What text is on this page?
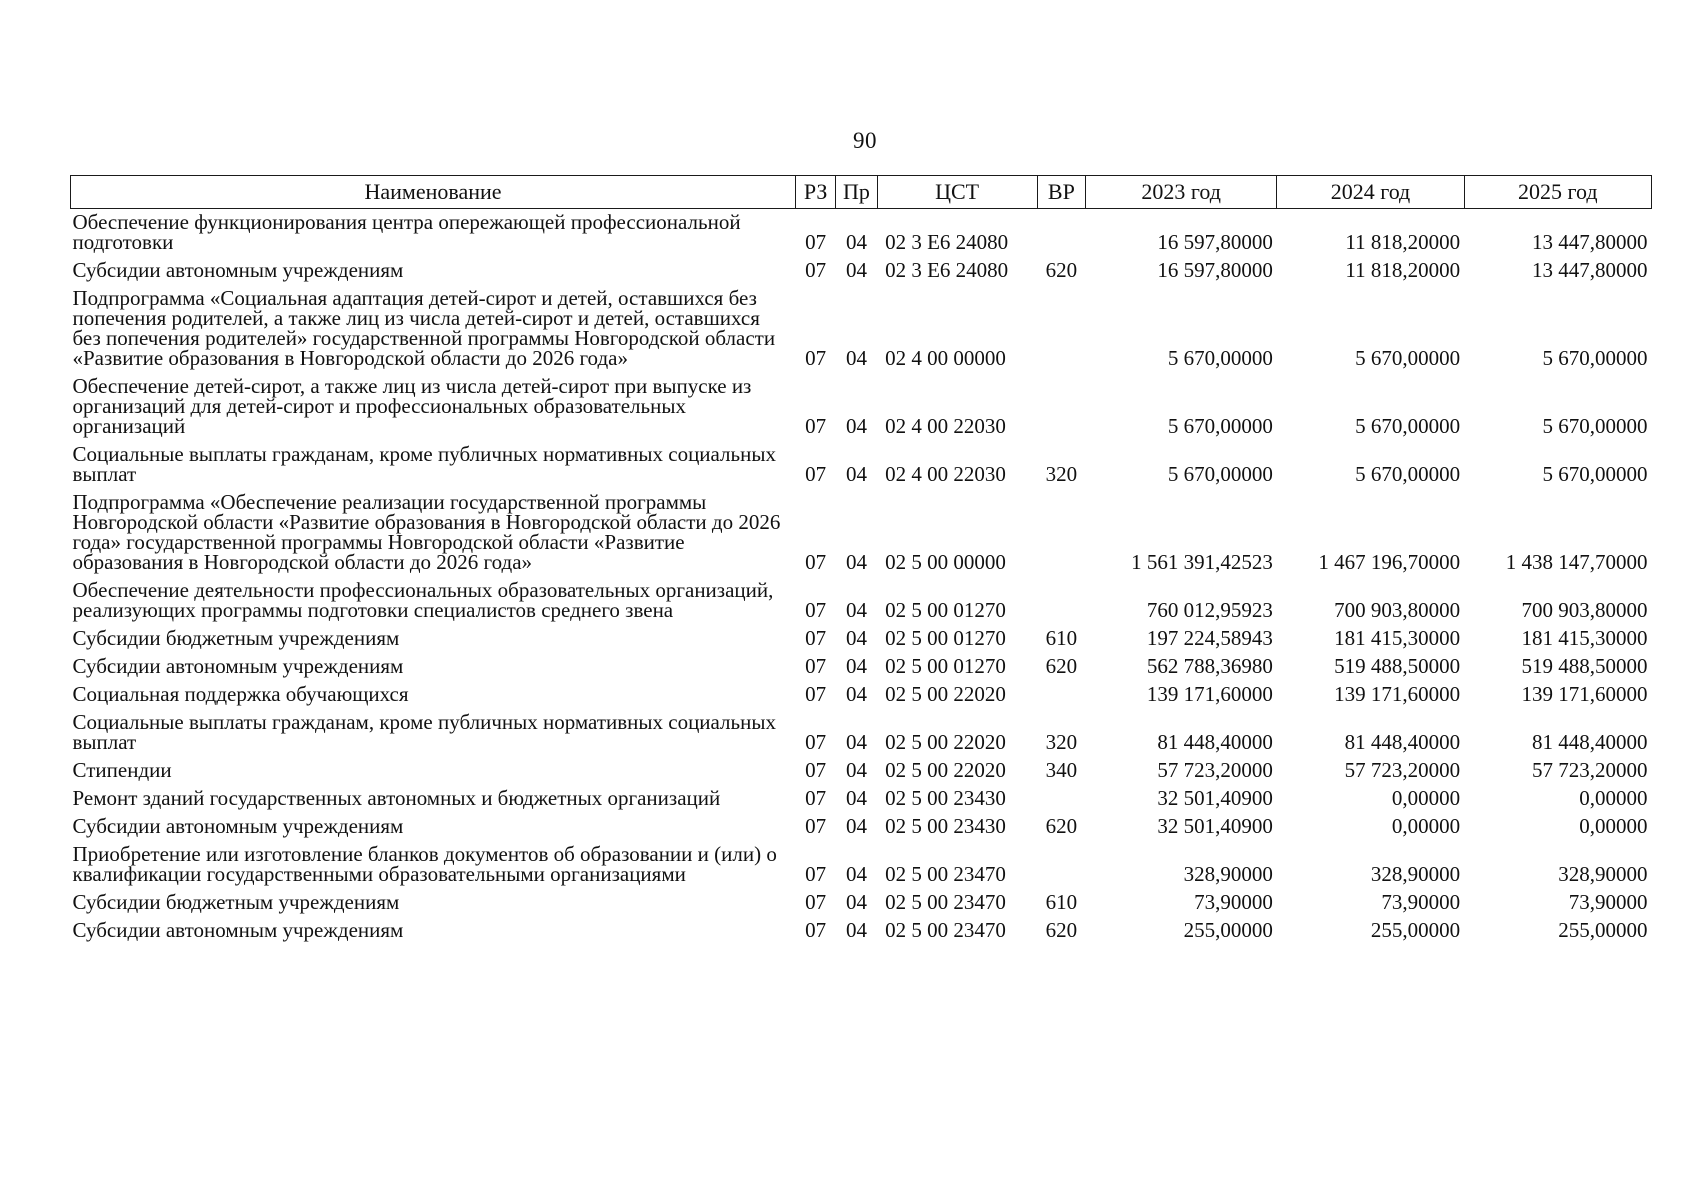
90
Наименование	РЗ	Пр	ЦСТ	ВР	2023 год	2024 год	2025 год
Обеспечение функционирования центра опережающей профессиональной подготовки	07	04	02 3 Е6 24080		16 597,80000	11 818,20000	13 447,80000
Субсидии автономным учреждениям	07	04	02 3 Е6 24080	620	16 597,80000	11 818,20000	13 447,80000
Подпрограмма «Социальная адаптация детей-сирот и детей, оставшихся без попечения родителей, а также лиц из числа детей-сирот и детей, оставшихся без попечения родителей» государственной программы Новгородской области «Развитие образования в Новгородской области до 2026 года»	07	04	02 4 00 00000		5 670,00000	5 670,00000	5 670,00000
Обеспечение детей-сирот, а также лиц из числа детей-сирот при выпуске из организаций для детей-сирот и профессиональных образовательных организаций	07	04	02 4 00 22030		5 670,00000	5 670,00000	5 670,00000
Социальные выплаты гражданам, кроме публичных нормативных социальных выплат	07	04	02 4 00 22030	320	5 670,00000	5 670,00000	5 670,00000
Подпрограмма «Обеспечение реализации государственной программы Новгородской области «Развитие образования в Новгородской области до 2026 года» государственной программы Новгородской области «Развитие образования в Новгородской области до 2026 года»	07	04	02 5 00 00000		1 561 391,42523	1 467 196,70000	1 438 147,70000
Обеспечение деятельности профессиональных образовательных организаций, реализующих программы подготовки специалистов среднего звена	07	04	02 5 00 01270		760 012,95923	700 903,80000	700 903,80000
Субсидии бюджетным учреждениям	07	04	02 5 00 01270	610	197 224,58943	181 415,30000	181 415,30000
Субсидии автономным учреждениям	07	04	02 5 00 01270	620	562 788,36980	519 488,50000	519 488,50000
Социальная поддержка обучающихся	07	04	02 5 00 22020		139 171,60000	139 171,60000	139 171,60000
Социальные выплаты гражданам, кроме публичных нормативных социальных выплат	07	04	02 5 00 22020	320	81 448,40000	81 448,40000	81 448,40000
Стипендии	07	04	02 5 00 22020	340	57 723,20000	57 723,20000	57 723,20000
Ремонт зданий государственных автономных и бюджетных организаций	07	04	02 5 00 23430		32 501,40900	0,00000	0,00000
Субсидии автономным учреждениям	07	04	02 5 00 23430	620	32 501,40900	0,00000	0,00000
Приобретение или изготовление бланков документов об образовании и (или) о квалификации государственными образовательными организациями	07	04	02 5 00 23470		328,90000	328,90000	328,90000
Субсидии бюджетным учреждениям	07	04	02 5 00 23470	610	73,90000	73,90000	73,90000
Субсидии автономным учреждениям	07	04	02 5 00 23470	620	255,00000	255,00000	255,00000
